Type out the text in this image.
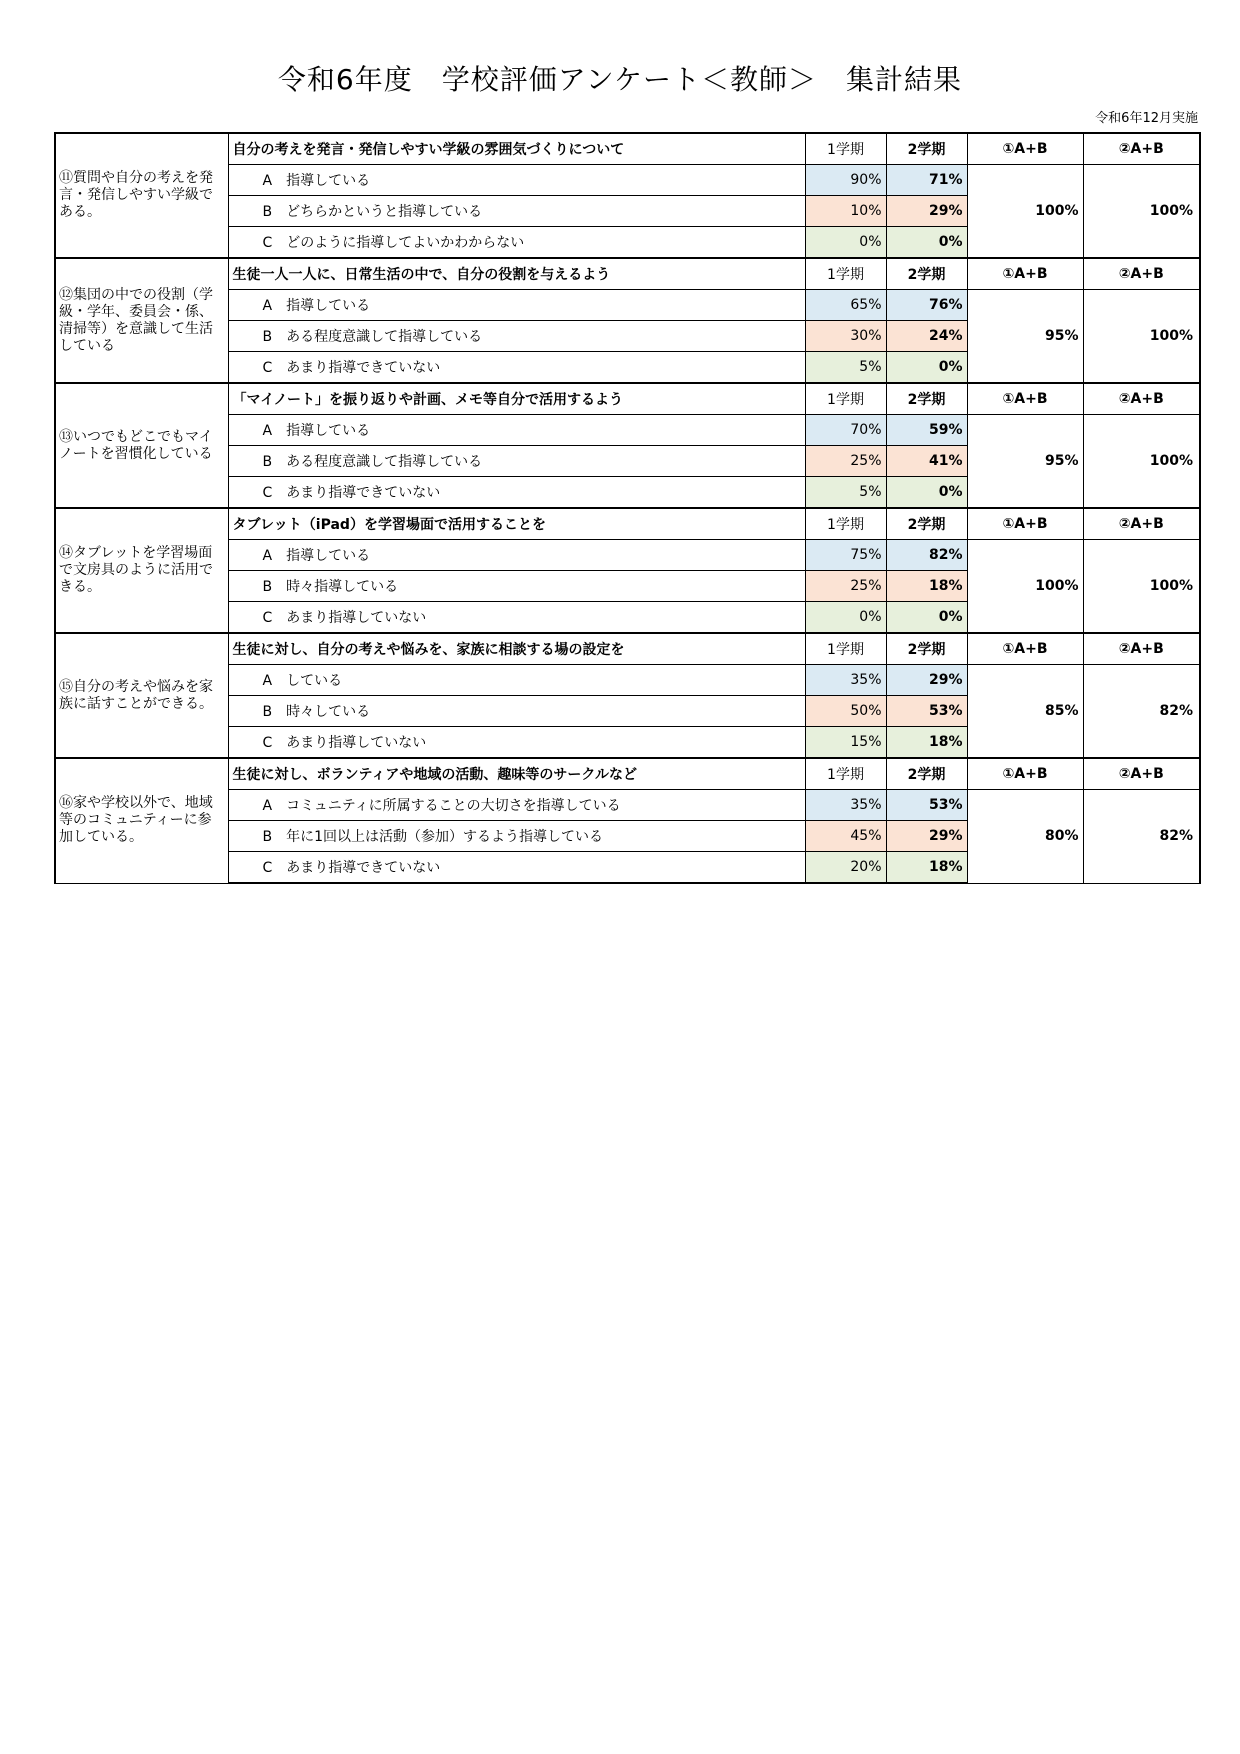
令和6年度　学校評価アンケート＜教師＞　集計結果
令和6年12月実施
⑪質問や自分の考えを発言・発信しやすい学級である。	自分の考えを発言・発信しやすい学級の雰囲気づくりについて	1学期	2学期	①A+B	②A+B
	A　指導している	90%	71%	100%	100%
	B　どちらかというと指導している	10%	29%		
	C　どのように指導してよいかわからない	0%	0%		
⑫集団の中での役割（学級・学年、委員会・係、清掃等）を意識して生活している	生徒一人一人に、日常生活の中で、自分の役割を与えるよう	1学期	2学期	①A+B	②A+B
	A　指導している	65%	76%	95%	100%
	B　ある程度意識して指導している	30%	24%		
	C　あまり指導できていない	5%	0%		
⑬いつでもどこでもマイノートを習慣化している	「マイノート」を振り返りや計画、メモ等自分で活用するよう	1学期	2学期	①A+B	②A+B
	A　指導している	70%	59%	95%	100%
	B　ある程度意識して指導している	25%	41%		
	C　あまり指導できていない	5%	0%		
⑭タブレットを学習場面で文房具のように活用できる。	タブレット（iPad）を学習場面で活用することを	1学期	2学期	①A+B	②A+B
	A　指導している	75%	82%	100%	100%
	B　時々指導している	25%	18%		
	C　あまり指導していない	0%	0%		
⑮自分の考えや悩みを家族に話すことができる。	生徒に対し、自分の考えや悩みを、家族に相談する場の設定を	1学期	2学期	①A+B	②A+B
	A　している	35%	29%	85%	82%
	B　時々している	50%	53%		
	C　あまり指導していない	15%	18%		
⑯家や学校以外で、地域等のコミュニティーに参加している。	生徒に対し、ボランティアや地域の活動、趣味等のサークルなど	1学期	2学期	①A+B	②A+B
	A　コミュニティに所属することの大切さを指導している	35%	53%	80%	82%
	B　年に1回以上は活動（参加）するよう指導している	45%	29%		
	C　あまり指導できていない	20%	18%		
